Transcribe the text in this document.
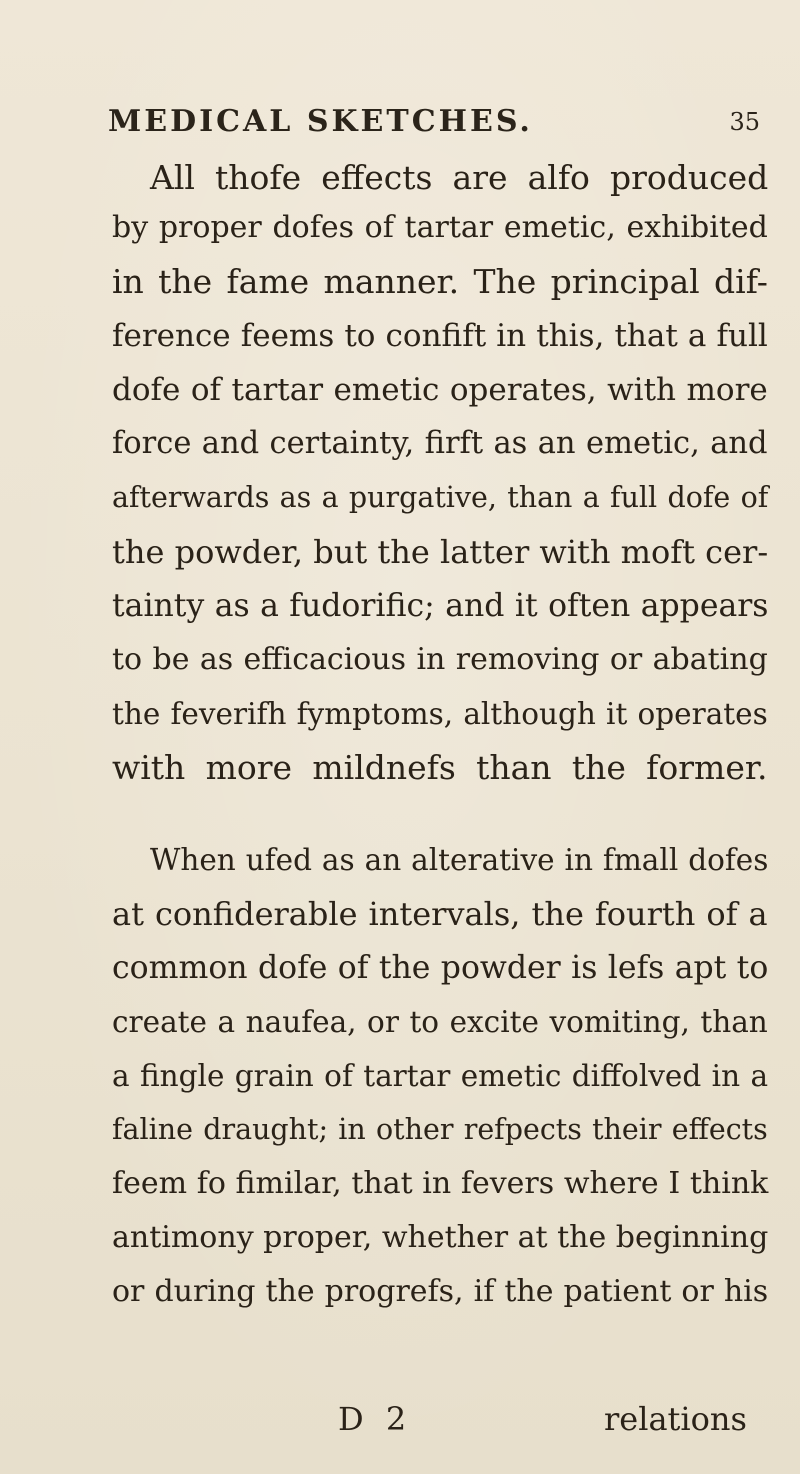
MEDICAL SKETCHES.	35
All thofe effects are alfo produced
by proper dofes of tartar emetic, exhibited
in the fame manner. The principal dif-
ference feems to confift in this, that a full
dofe of tartar emetic operates, with more
force and certainty, firft as an emetic, and
afterwards as a purgative, than a full dofe of
the powder, but the latter with moft cer-
tainty as a fudorific; and it often appears
to be as efficacious in removing or abating
the feverifh fymptoms, although it operates
with more mildnefs than the former.
When ufed as an alterative in fmall dofes
at confiderable intervals, the fourth of a
common dofe of the powder is lefs apt to
create a naufea, or to excite vomiting, than
a fingle grain of tartar emetic diffolved in a
faline draught; in other refpects their effects
feem fo fimilar, that in fevers where I think
antimony proper, whether at the beginning
or during the progrefs, if the patient or his
D 2	relations
